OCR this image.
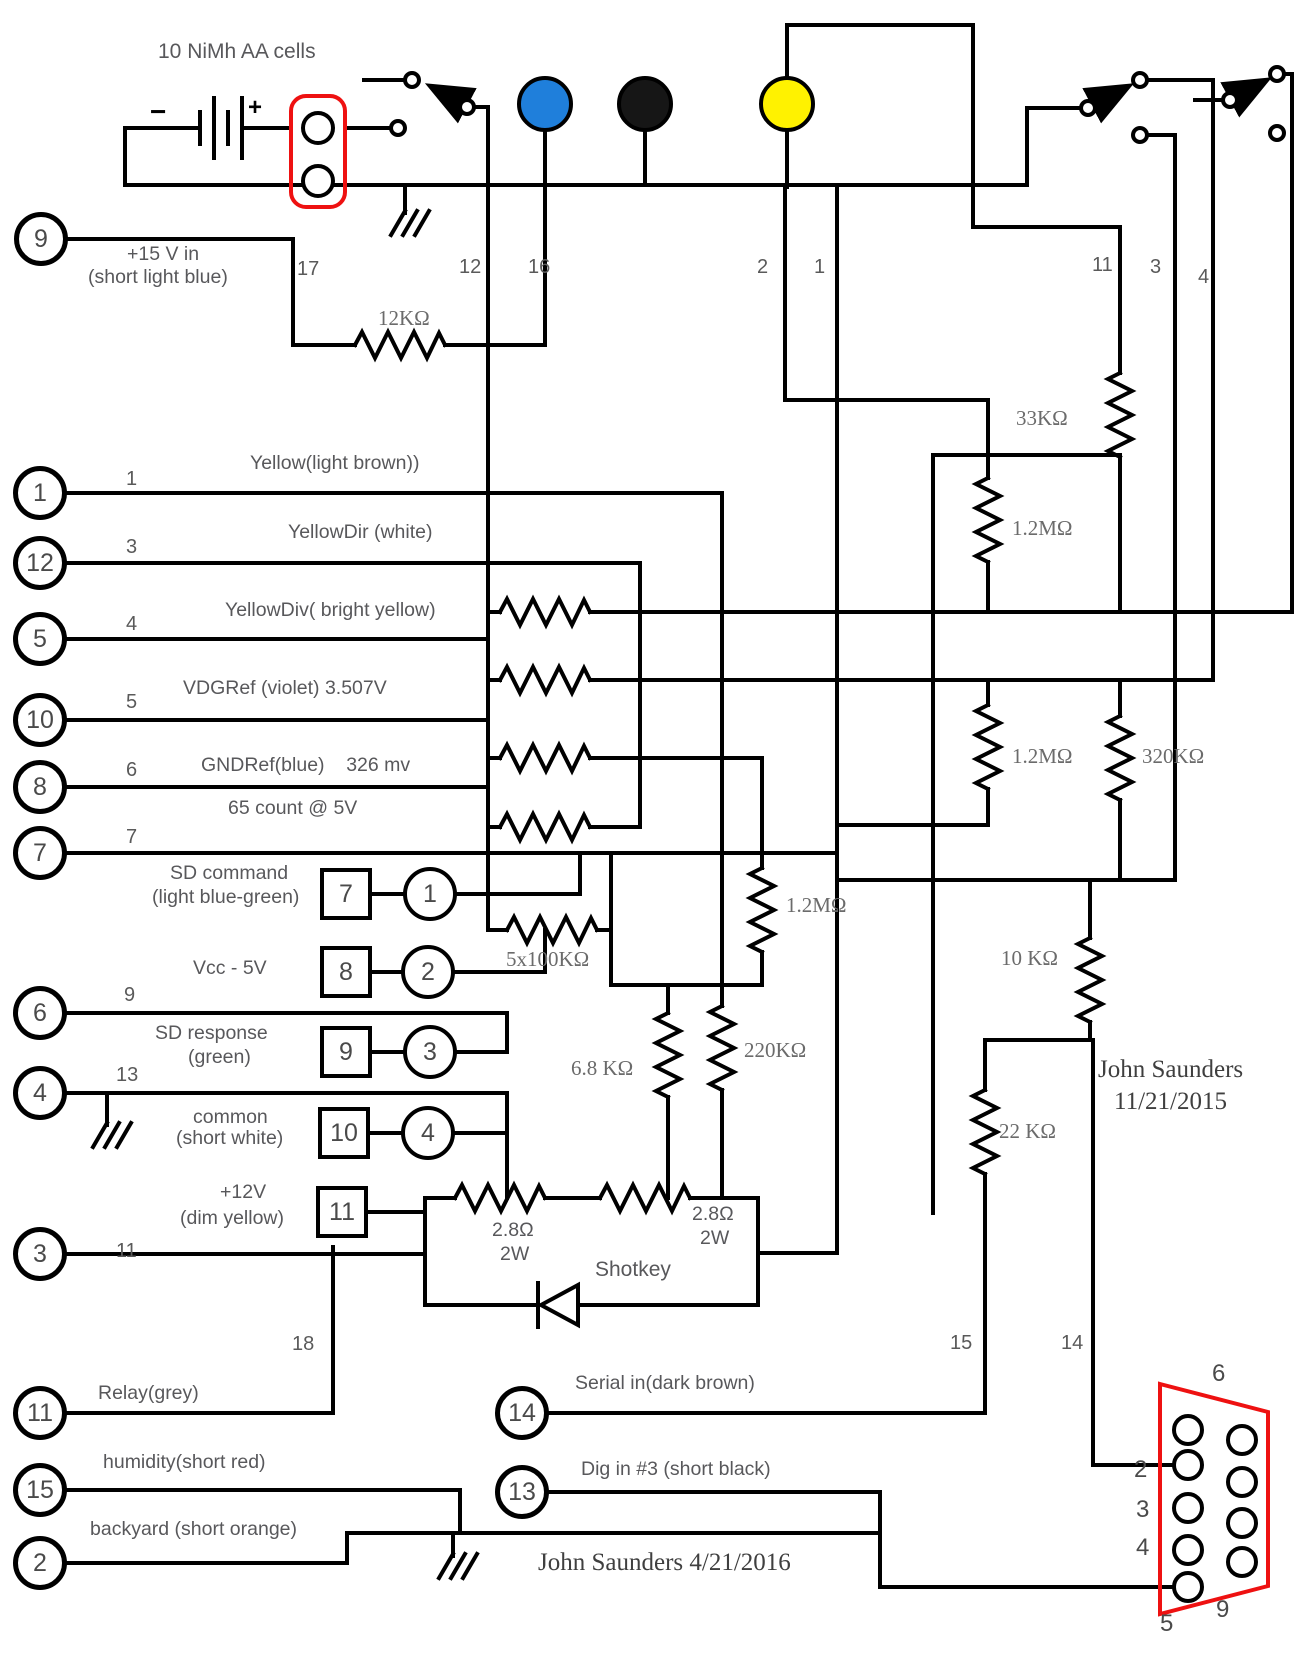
10 NiMh AA cells
−	+
9
1
12
5
10
8
7
6
4
3
11
15
2
14
13
7
8
9
10
11
1
2
3
4
+15 V in
(short light blue)
Yellow(light brown))
YellowDir (white)
YellowDiv( bright yellow)
VDGRef (violet) 3.507V
GNDRef(blue)    326 mv
65 count @ 5V
SD command
(light blue-green)
Vcc - 5V
SD response
(green)
common
(short white)
+12V
(dim yellow)
Relay(grey)
humidity(short red)
backyard (short orange)
Serial in(dark brown)
Dig in #3 (short black)
Shotkey
17	12 16	2 1	11 3 4
1
3
4
5
6
7
9
13
11
18	15	14
12KΩ
33KΩ
1.2MΩ
1.2MΩ	320KΩ
1.2MΩ
10 KΩ
5x100KΩ
6.8 KΩ
220KΩ
22 KΩ
2.8Ω
2W
2.8Ω
2W
John Saunders
11/21/2015
John Saunders 4/21/2016
6
2
3
4
5
9
